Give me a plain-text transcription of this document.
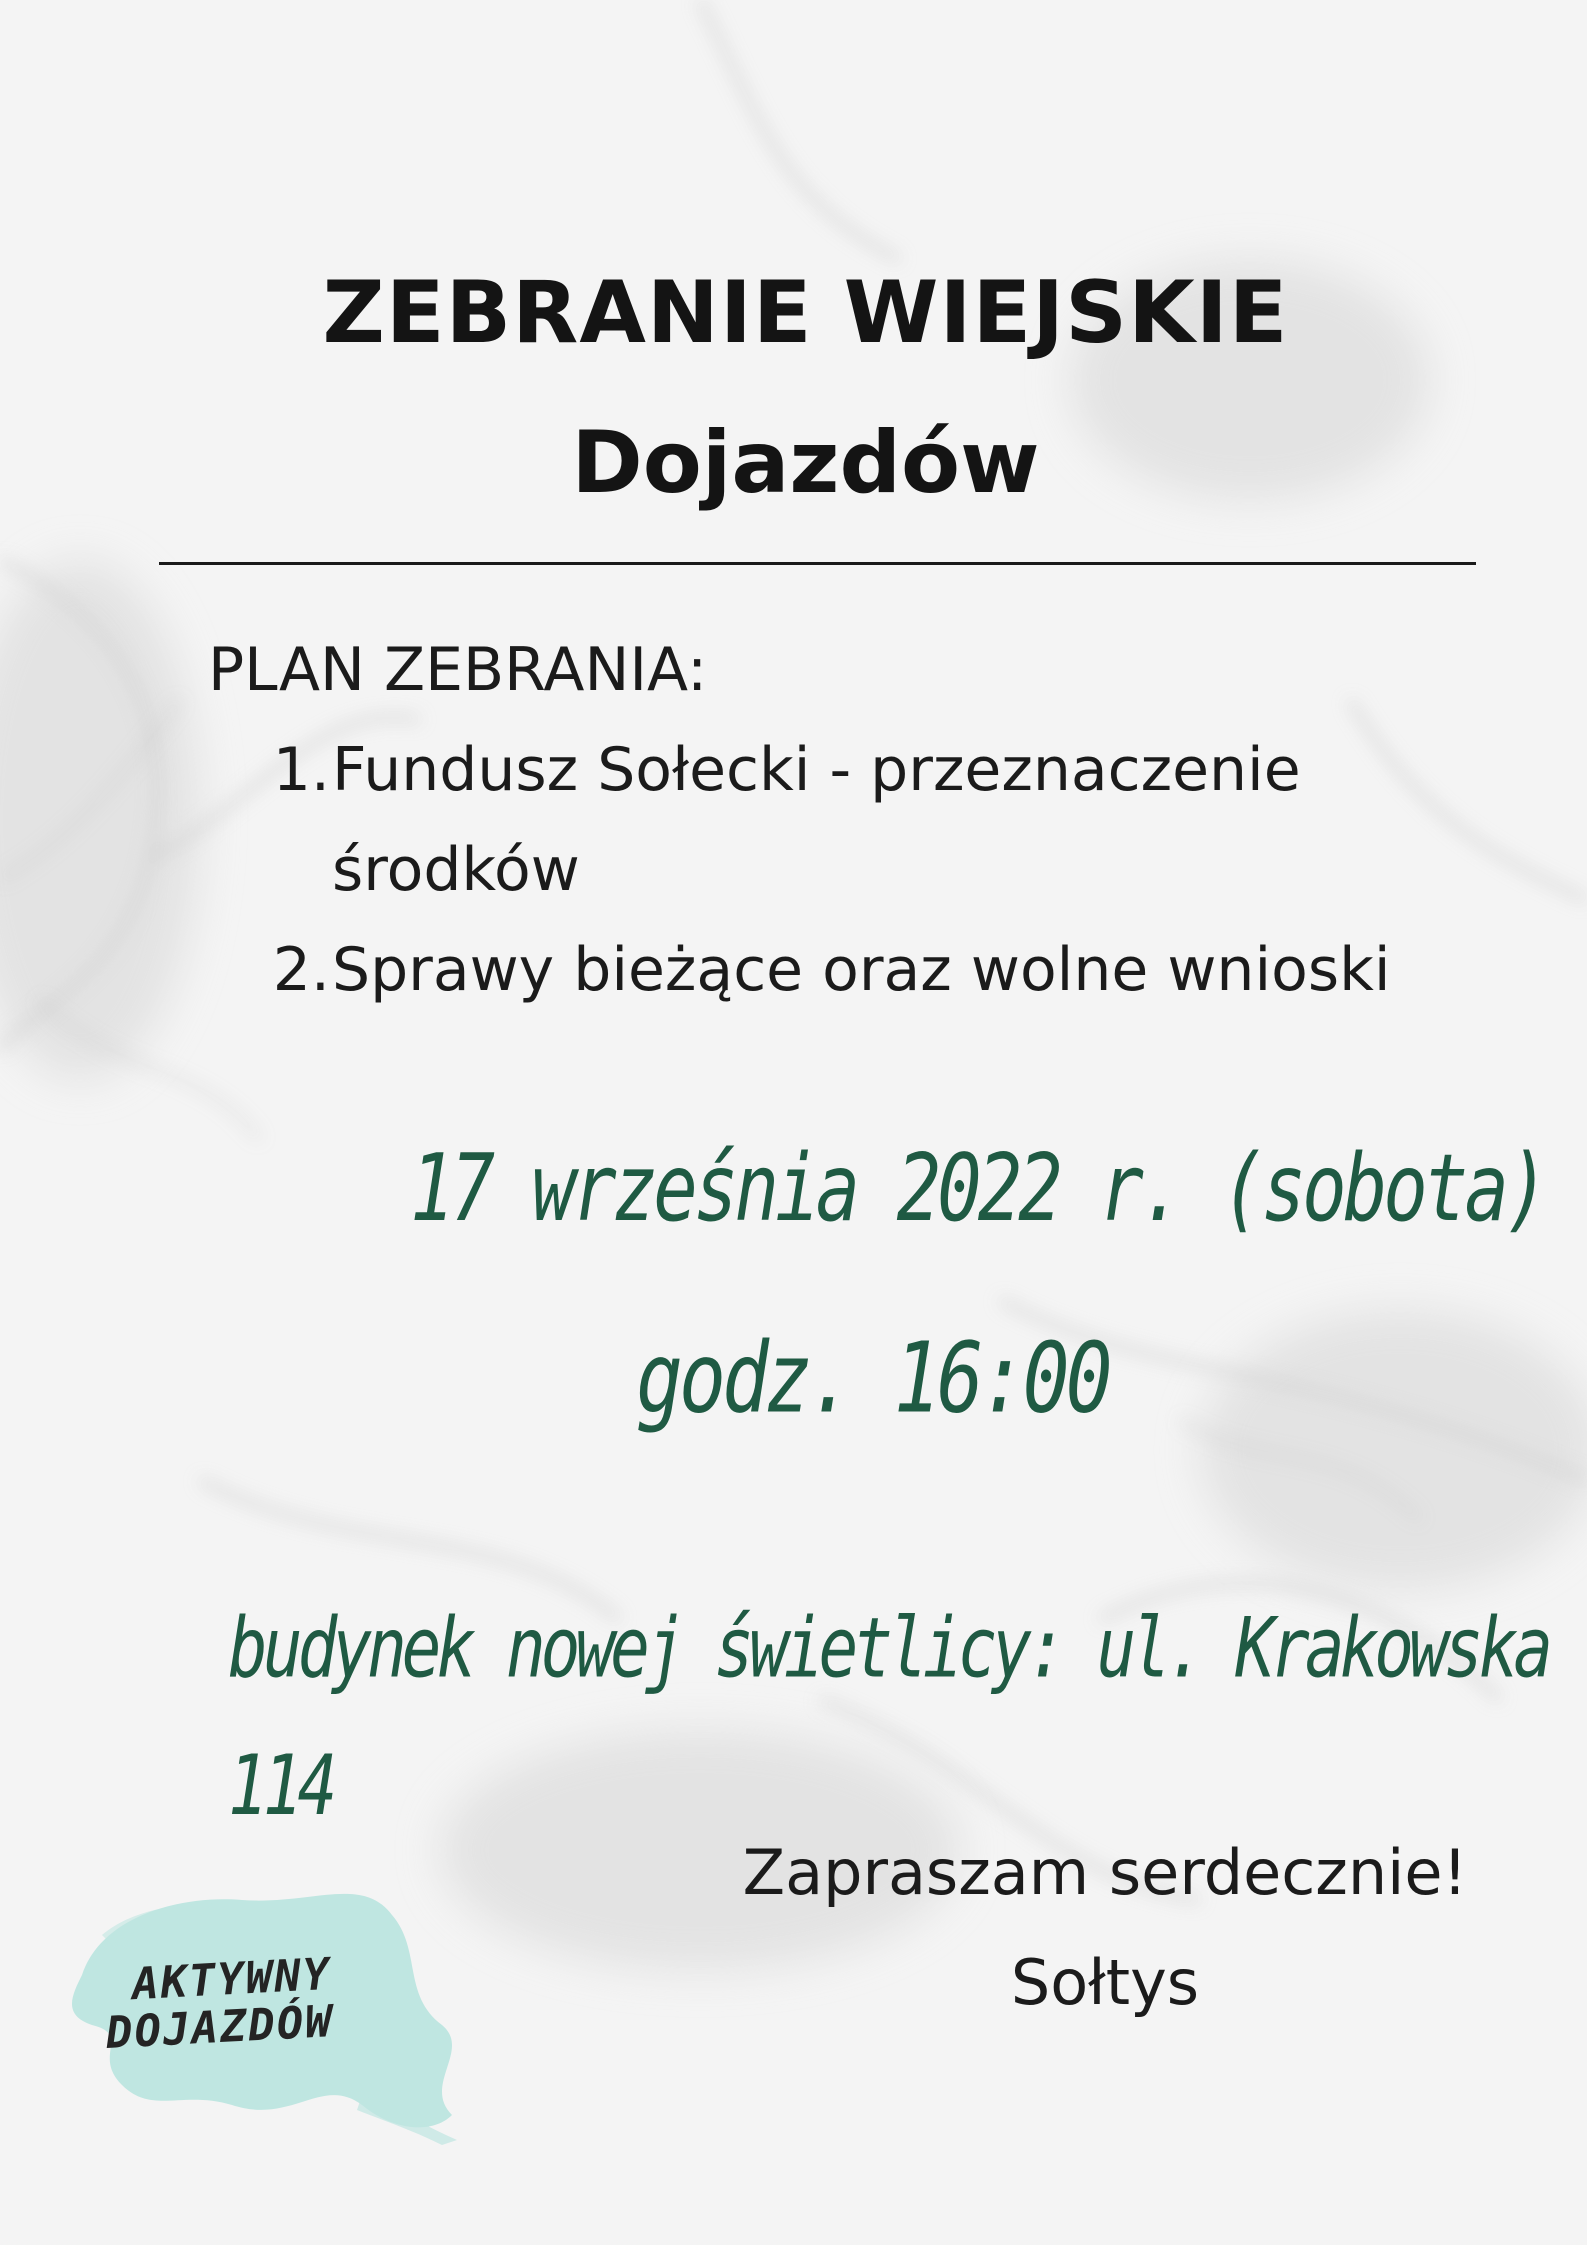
ZEBRANIE WIEJSKIE
Dojazdów
PLAN ZEBRANIA:
1. Fundusz Sołecki - przeznaczenie środków
2. Sprawy bieżące oraz wolne wnioski
17 września 2022 r. (sobota)
godz. 16:00
budynek nowej świetlicy: ul. Krakowska 114
Zapraszam serdecznie!
Sołtys
AKTYWNY
DOJAZDÓW
